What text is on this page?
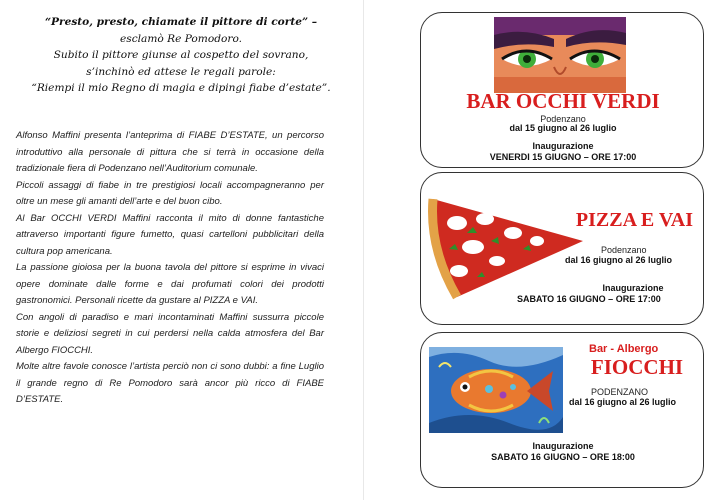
“Presto, presto, chiamate il pittore di corte” –
esclamò Re Pomodoro.
Subito il pittore giunse al cospetto del sovrano,
s’inchinò ed attese le regali parole:
“Riempi il mio Regno di magia e dipingi fiabe d’estate”.

Alfonso Maffini presenta l’anteprima di FIABE D’ESTATE, un percorso introduttivo alla personale di pittura che si terrà in occasione della tradizionale fiera di Podenzano nell’Auditorium comunale.

Piccoli assaggi di fiabe in tre prestigiosi locali accompagneranno per oltre un mese gli amanti dell’arte e del buon cibo.

Al Bar OCCHI VERDI Maffini racconta il mito di donne fantastiche attraverso importanti figure fumetto, quasi cartelloni pubblicitari della cultura pop americana.

La passione gioiosa per la buona tavola del pittore si esprime in vivaci opere dominate dalle forme e dai profumati colori dei prodotti gastronomici. Personali ricette da gustare al PIZZA e VAI.

Con angoli di paradiso e mari incontaminati Maffini sussurra piccole storie e deliziosi segreti in cui perdersi nella calda atmosfera del Bar Albergo FIOCCHI.

Molte altre favole conosce l’artista perciò non ci sono dubbi: a fine Luglio il grande regno di Re Pomodoro sarà ancor più ricco di FIABE D’ESTATE.

BAR OCCHI VERDI
Podenzano
dal 15 giugno al 26 luglio
Inaugurazione
VENERDI 15 GIUGNO – ORE 17:00
PIZZA E VAI
Podenzano
dal 16 giugno al 26 luglio
Inaugurazione
SABATO 16 GIUGNO – ORE 17:00
Bar - Albergo
FIOCCHI
PODENZANO
dal 16 giugno al 26 luglio
Inaugurazione
SABATO 16 GIUGNO – ORE 18:00
